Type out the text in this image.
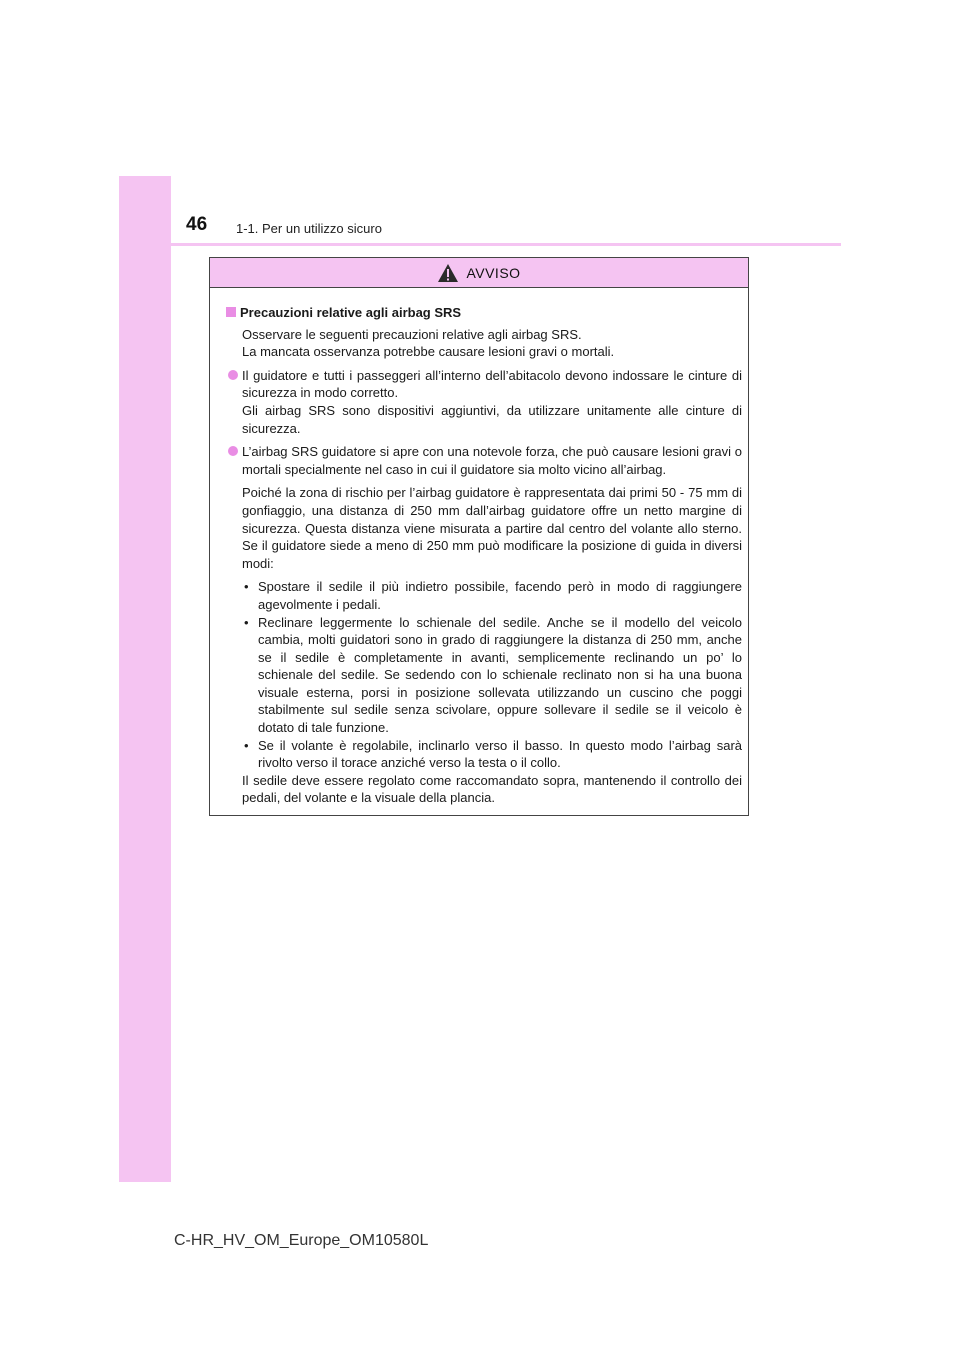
46 1-1. Per un utilizzo sicuro
AVVISO
Precauzioni relative agli airbag SRS

Osservare le seguenti precauzioni relative agli airbag SRS.

La mancata osservanza potrebbe causare lesioni gravi o mortali.

Il guidatore e tutti i passeggeri all’interno dell’abitacolo devono indossare le cinture di sicurezza in modo corretto.

Gli airbag SRS sono dispositivi aggiuntivi, da utilizzare unitamente alle cinture di sicurezza.

L’airbag SRS guidatore si apre con una notevole forza, che può causare lesioni gravi o mortali specialmente nel caso in cui il guidatore sia molto vicino all’airbag.

Poiché la zona di rischio per l’airbag guidatore è rappresentata dai primi 50 - 75 mm di gonfiaggio, una distanza di 250 mm dall’airbag guidatore offre un netto margine di sicurezza. Questa distanza viene misurata a partire dal centro del volante allo sterno. Se il guidatore siede a meno di 250 mm può modificare la posizione di guida in diversi modi:
• Spostare il sedile il più indietro possibile, facendo però in modo di raggiungere agevolmente i pedali.
• Reclinare leggermente lo schienale del sedile. Anche se il modello del veicolo cambia, molti guidatori sono in grado di raggiungere la distanza di 250 mm, anche se il sedile è completamente in avanti, semplicemente reclinando un po’ lo schienale del sedile. Se sedendo con lo schienale reclinato non si ha una buona visuale esterna, porsi in posizione sollevata utilizzando un cuscino che poggi stabilmente sul sedile senza scivolare, oppure sollevare il sedile se il veicolo è dotato di tale funzione.
• Se il volante è regolabile, inclinarlo verso il basso. In questo modo l’airbag sarà rivolto verso il torace anziché verso la testa o il collo.

Il sedile deve essere regolato come raccomandato sopra, mantenendo il controllo dei pedali, del volante e la visuale della plancia.

C-HR_HV_OM_Europe_OM10580L
